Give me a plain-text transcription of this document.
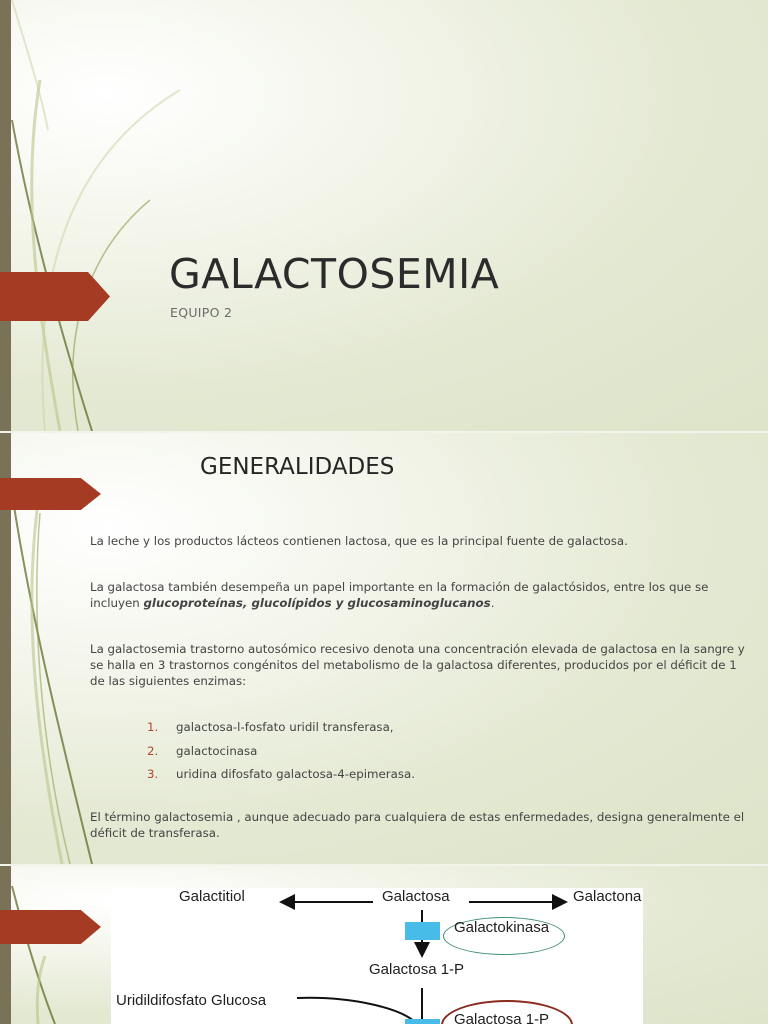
GALACTOSEMIA
EQUIPO 2
GENERALIDADES

La leche y los productos lácteos contienen lactosa, que es la principal fuente de galactosa.

La galactosa también desempeña un papel importante en la formación de galactósidos, entre los que se incluyen glucoproteínas, glucolípidos y glucosaminoglucanos.

La galactosemia trastorno autosómico recesivo denota una concentración elevada de galactosa en la sangre y se halla en 3 trastornos congénitos del metabolismo de la galactosa diferentes, producidos por el déficit de 1 de las siguientes enzimas:

1. galactosa-l-fosfato uridil transferasa,
2. galactocinasa
3. uridina difosfato galactosa-4-epimerasa.

El término galactosemia , aunque adecuado para cualquiera de estas enfermedades, designa generalmente el déficit de transferasa.

Galactitiol	Galactosa	Galactona
Galactokinasa
Galactosa 1-P
Uridildifosfato Glucosa
Galactosa 1-P
